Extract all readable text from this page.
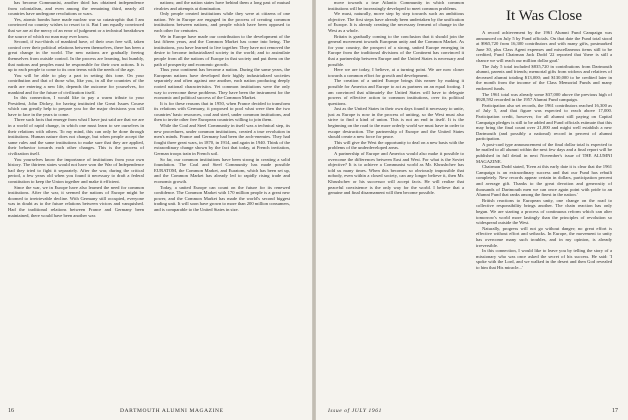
has become Communist, another third has obtained independence from colonialism, and even among the remaining third, nearly all countries have undergone revolutions or wars.

Yes, atomic bombs have made nuclear war so catastrophic that I am convinced no country wishes to resort to it. But I am equally convinced that we are at the mercy of an error of judgment or a technical breakdown the source of which no man may ever know.

Second, if two-thirds of mankind have, of their own free will, taken control over their political relations between themselves, there has been a great change in the world. The new nations are gradually freeing themselves from outside control. In the process are learning, but humbly, that nations and peoples must be responsible for their own actions. It is up to each people to come to its own terms with the needs of the age.

You will be able to play a part in setting this tone. On your contribution and that of those who, like you, in all the countries of the earth are entering a new life, depends the outcome for yourselves, for mankind and for the future of civilization itself.

In this connection, I would like to pay a warm tribute to your President, John Dickey, for having instituted the Great Issues Course which can greatly help to prepare you for the major decisions you will have to face in the years to come.

Three such facts that emerge from what I have just said are that we are in a world of rapid change, in which one must learn to see ourselves in their relations with others. To my mind, this can only be done through institutions. Human nature does not change, but when people accept the same rules and the same institutions to make sure that they are applied, their behavior towards each other changes. This is the process of civilization itself.

You yourselves know the importance of institutions from your own history. The thirteen states would not have won the War of Independence had they tried to fight it separately. After the war, during the critical period, a few years old when you found it necessary to draft a federal constitution to keep the Union together and make it efficient.

Since the war, we in Europe have also learned the need for common institutions. After the war, it seemed the nations of Europe might be doomed to irretrievable decline. With Germany still occupied, everyone was in doubt as to the future relations between victors and vanquished. Had the traditional relations between France and Germany been maintained, there would have been another war.

nations; and the nation states have behind them a long past of mutual rivalries and attempts at domination.

Only people created institutions while they were at citizens of one nation. We in Europe are engaged in the process of creating common institutions between nations, and people which have been opposed to each other for centuries.

We in Europe have made our contribution to the development of the last fifteen years, and the Common Market has come into being. The institutions, you have learned to live together. They have not removed the desire to become industrialized society in the world; and to assimilate people from all the nations of Europe in that society and put them on the path of prosperity and economic growth.

Thus your continent has become a nation. During the same years, the European nations have developed their highly industrialized societies separately and often against one another, each nation producing deeply rooted national characteristics. Yet common institutions were the only way to overcome these problems. They have been the instrument for the economic and political success of the Common Market.

It is for these reasons that in 1950, when France decided to transform its relations with Germany, it proposed to pool what were then the two countries' basic resources, coal and steel, under common institutions, and then to invite other free European countries willing to join them.

While the Coal and Steel Community in itself was a technical step, its new procedures, under common institutions, created a true revolution in men's minds. France and Germany had been the arch-enemies. They had fought three great wars, in 1870, in 1914, and again in 1940. Think of the extraordinary change shown by the fact that today, at French invitation, German troops train in French soil.

So far, our common institutions have been strong in creating a solid foundation. The Coal and Steel Community has made possible EURATOM, the Common Market, and Euratom, which has been set up, and the Common Market has already led to rapidly rising trade and economic growth.

Today, a united Europe can count on the future for its renewed confidence. The Common Market with 170 million people is a great new power, and the Common Market has made the world's second biggest trading unit. It will soon have grown to more than 200 million consumers, and is comparable to the United States in size.

DARTMOUTH ALUMNI MAGAZINE
16

move towards a true Atlantic Community in which common institutions will be increasingly developed to meet common problems.

We must, naturally, move step by step towards such an ambitious objective. The first steps have already been undertaken by the unification of Europe. It is already creating the necessary ferment of change in the West as a whole.

Britain is gradually coming to the conclusion that it should join the general movement towards European unity and the Common Market. As for your country, the prospect of a strong, united Europe emerging in Europe from the traditional divisions of the Continent has convinced it that a partnership between Europe and the United States is necessary and possible.

Here we are today, I believe, at a turning point. We are now closer towards a common effort for growth and development.

The creation of a united Europe brings this nearer by making it possible for America and Europe to act as partners on an equal footing. I am convinced that ultimately the United States will have to delegate powers of effective action to common institutions, over its political questions.

Just as the United States in their own days found it necessary to unite, just as Europe is now in the process of uniting, so the West must also strive to find a kind of union. This is not an end in itself. It is the beginning on the road to the more orderly world we must have in order to escape destruction. The partnership of Europe and the United States should create a new force for peace.

This will give the West the opportunity to deal on a new basis with the problems of the underdeveloped areas.

A partnership of Europe and America would also make it possible to overcome the differences between East and West. For what is the Soviet objective? It is to achieve a Communist world as Mr. Khrushchev has told us many times. When this becomes so obviously impossible that nobody, even within a closed society, can any longer believe it, then Mr. Khrushchev or his successor will accept facts. He will realize that peaceful coexistence is the only way for the world. I believe that a genuine and final disarmament will then become possible.

It Was Close

A record achievement by the 1961 Alumni Fund Campaign was announced on July 5 by Fund officials. On that date the Fund total stood at $965,720 from 16,300 contributors and with many gifts, postmarked June 30, plus Class Agent expenses and miscellaneous items still to be credited, Fund Chairman Jack Dodd '22 reported that 'there is still a chance we will reach our million dollar goal.'

The July 5 total included $835,720 in contributions from Dartmouth alumni, parents and friends; memorial gifts from widows and relatives of deceased alumni totaling $13,000; and $130,000 to be credited later in the month from the income of the Class Memorial Funds and many endowed funds.

The 1961 total was already some $37,000 above the previous high of $928,592 recorded in the 1957 Alumni Fund campaign.

Participation also set records, the 1961 contributors reached 16,300 as of July 5, and that figure was expected to reach above 17,000. Participation credit, however, for all alumni still paying on Capital Campaign pledges is still to be added and Fund officials estimate that this may bring the final count over 21,000 and might well establish a new Dartmouth (and possibly a national) record in percent of alumni participation.

A post-card type announcement of the final dollar total is expected to be mailed to all alumni within the next few days and a final report will be published in full detail in next November's issue of THE ALUMNI MAGAZINE.

Chairman Dodd stated, 'Even at this early date it is clear that the 1961 Campaign is an extraordinary success and that our Fund has rebuilt completely. New records appear certain in dollars, participation percent and average gift. Thanks to the great devotion and generosity of thousands of Dartmouth men we can once again point with pride to an Alumni Fund that ranks among the finest in the nation.'

British reactions to European unity, one change on the road to collective responsibility brings another. The chain reaction has only begun. We are starting a process of continuous reform which can alter tomorrow's world more lastingly than the principles of revolution so widespread outside the West.

Naturally, progress will not go without danger; no great effort is effective without effort and setbacks. In Europe, the movement to unity has overcome many such troubles, and in my opinion, is already irreversible.

In this connection, I would like to leave you by telling the story of a missionary who was once asked the secret of his success. He said: 'I spoke with the Lord, and we walked in the desert and then God revealed to him that His miracle...'

Issue of JULY 1961	17
